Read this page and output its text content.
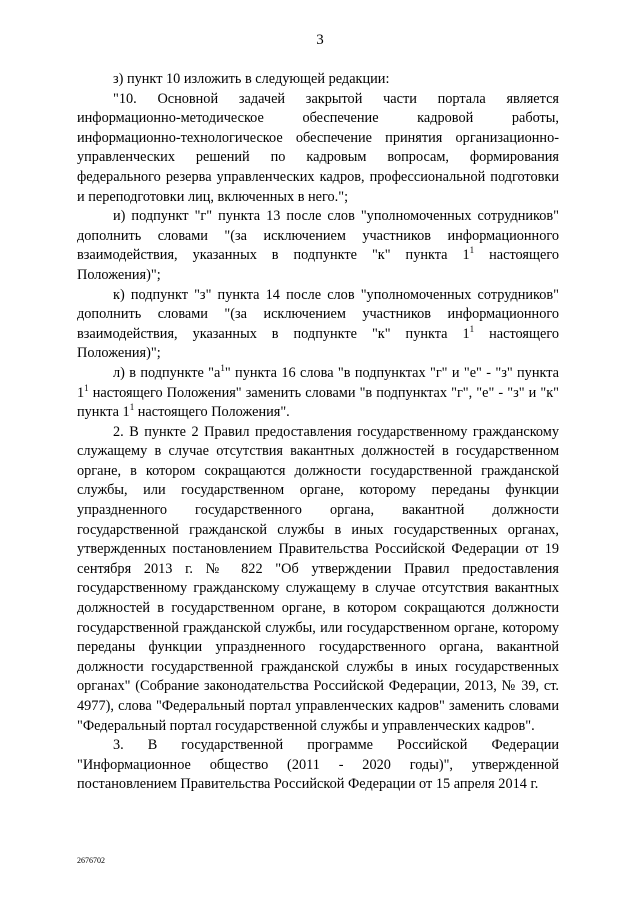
3

з) пункт 10 изложить в следующей редакции:

"10. Основной задачей закрытой части портала является информационно-методическое обеспечение кадровой работы, информационно-технологическое обеспечение принятия организационно-управленческих решений по кадровым вопросам, формирования федерального резерва управленческих кадров, профессиональной подготовки и переподготовки лиц, включенных в него.";

и) подпункт "г" пункта 13 после слов "уполномоченных сотрудников" дополнить словами "(за исключением участников информационного взаимодействия, указанных в подпункте "к" пункта $1^1$ настоящего Положения)";

к) подпункт "з" пункта 14 после слов "уполномоченных сотрудников" дополнить словами "(за исключением участников информационного взаимодействия, указанных в подпункте "к" пункта $1^1$ настоящего Положения)";

л) в подпункте "$а^1$" пункта 16 слова "в подпунктах "г" и "е" - "з" пункта $1^1$ настоящего Положения" заменить словами "в подпунктах "г", "е" - "з" и "к" пункта $1^1$ настоящего Положения".

2. В пункте 2 Правил предоставления государственному гражданскому служащему в случае отсутствия вакантных должностей в государственном органе, в котором сокращаются должности государственной гражданской службы, или государственном органе, которому переданы функции упраздненного государственного органа, вакантной должности государственной гражданской службы в иных государственных органах, утвержденных постановлением Правительства Российской Федерации от 19 сентября 2013 г. № 822 "Об утверждении Правил предоставления государственному гражданскому служащему в случае отсутствия вакантных должностей в государственном органе, в котором сокращаются должности государственной гражданской службы, или государственном органе, которому переданы функции упраздненного государственного органа, вакантной должности государственной гражданской службы в иных государственных органах" (Собрание законодательства Российской Федерации, 2013, № 39, ст. 4977), слова "Федеральный портал управленческих кадров" заменить словами "Федеральный портал государственной службы и управленческих кадров".

3. В государственной программе Российской Федерации "Информационное общество (2011 - 2020 годы)", утвержденной постановлением Правительства Российской Федерации от 15 апреля 2014 г.

2676702
